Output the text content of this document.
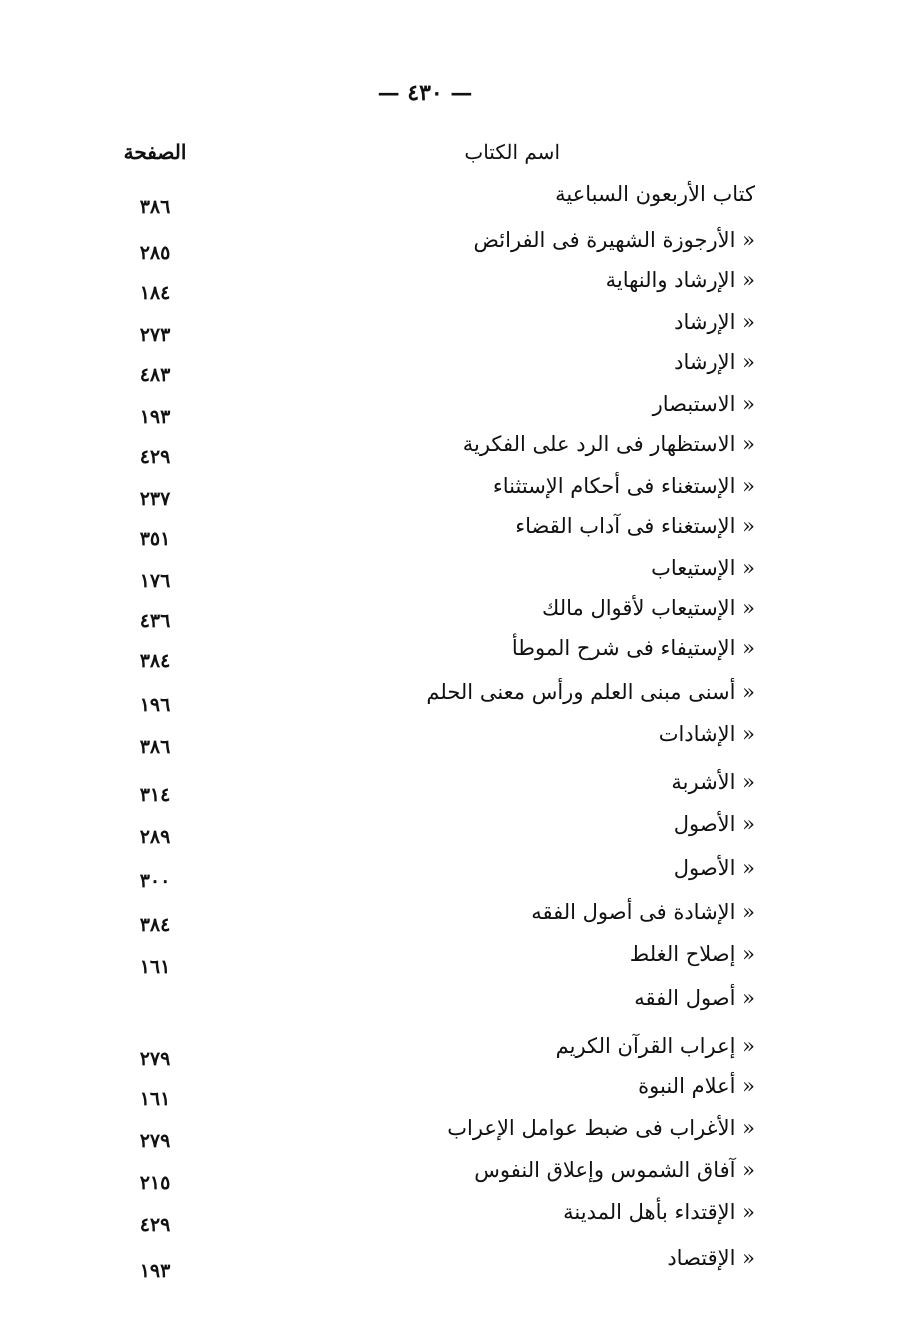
— ٤٣٠ —
اسم الكتاب
الصفحة
كتاب الأربعون السباعية
٣٨٦
« الأرجوزة الشهيرة فى الفرائض
٢٨٥
« الإرشاد والنهاية
١٨٤
« الإرشاد
٢٧٣
« الإرشاد
٤٨٣
« الاستبصار
١٩٣
« الاستظهار فى الرد على الفكرية
٤٢٩
« الإستغناء فى أحكام الإستثناء
٢٣٧
« الإستغناء فى آداب القضاء
٣٥١
« الإستيعاب
١٧٦
« الإستيعاب لأقوال مالك
٤٣٦
« الإستيفاء فى شرح الموطأ
٣٨٤
« أسنى مبنى العلم ورأس معنى الحلم
١٩٦
« الإشادات
٣٨٦
« الأشربة
٣١٤
« الأصول
٢٨٩
« الأصول
٣٠٠
« الإشادة فى أصول الفقه
٣٨٤
« إصلاح الغلط
١٦١
« أصول الفقه
« إعراب القرآن الكريم
٢٧٩
« أعلام النبوة
١٦١
« الأغراب فى ضبط عوامل الإعراب
٢٧٩
« آفاق الشموس وإعلاق النفوس
٢١٥
« الإقتداء بأهل المدينة
٤٢٩
« الإقتصاد
١٩٣
